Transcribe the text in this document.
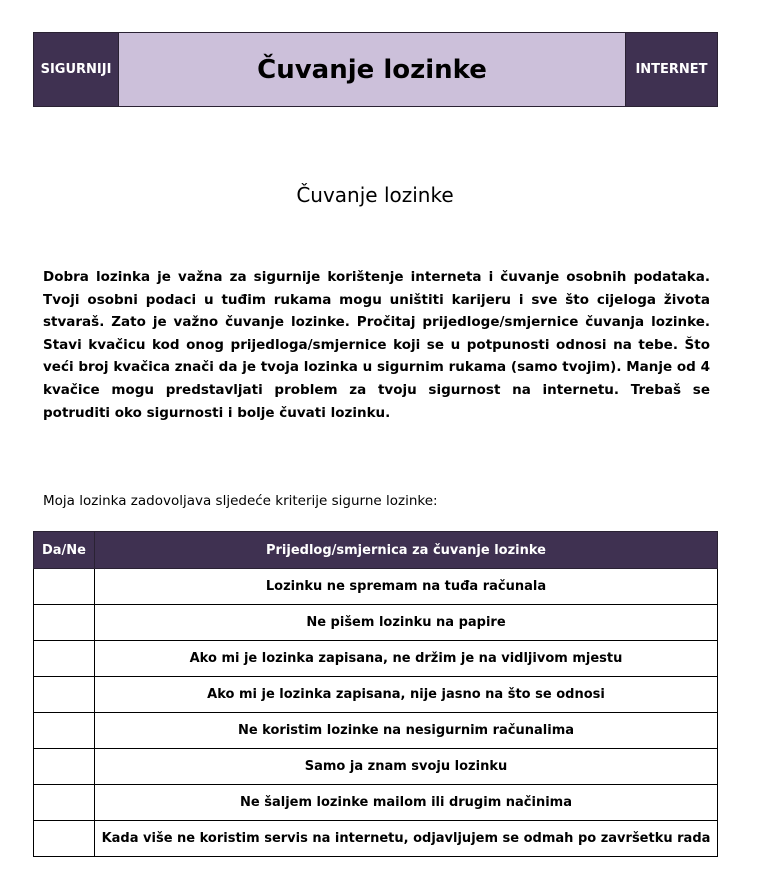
SIGURNIJI	Čuvanje lozinke	INTERNET
Čuvanje lozinke
Dobra lozinka je važna za sigurnije korištenje interneta i čuvanje osobnih podataka. Tvoji osobni podaci u tuđim rukama mogu uništiti karijeru i sve što cijeloga života stvaraš. Zato je važno čuvanje lozinke. Pročitaj prijedloge/smjernice čuvanja lozinke. Stavi kvačicu kod onog prijedloga/smjernice koji se u potpunosti odnosi na tebe. Što veći broj kvačica znači da je tvoja lozinka u sigurnim rukama (samo tvojim). Manje od 4 kvačice mogu predstavljati problem za tvoju sigurnost na internetu. Trebaš se potruditi oko sigurnosti i bolje čuvati lozinku.
Moja lozinka zadovoljava sljedeće kriterije sigurne lozinke:
Da/Ne	Prijedlog/smjernica za čuvanje lozinke
	Lozinku ne spremam na tuđa računala
	Ne pišem lozinku na papire
	Ako mi je lozinka zapisana, ne držim je na vidljivom mjestu
	Ako mi je lozinka zapisana, nije jasno na što se odnosi
	Ne koristim lozinke na nesigurnim računalima
	Samo ja znam svoju lozinku
	Ne šaljem lozinke mailom ili drugim načinima
	Kada više ne koristim servis na internetu, odjavljujem se odmah po završetku rada
